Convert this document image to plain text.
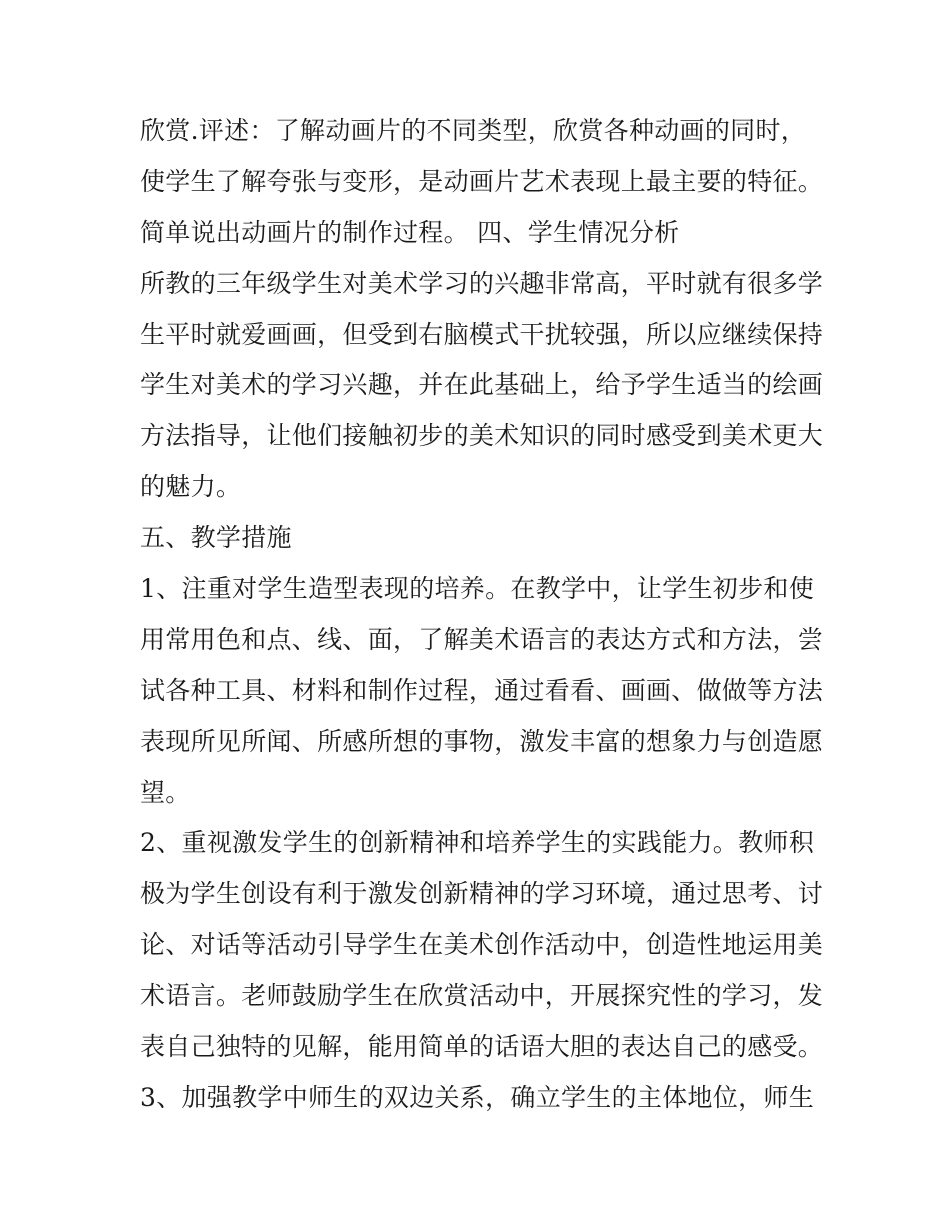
欣赏.评述：了解动画片的不同类型，欣赏各种动画的同时，
使学生了解夸张与变形，是动画片艺术表现上最主要的特征。
简单说出动画片的制作过程。 四、学生情况分析
所教的三年级学生对美术学习的兴趣非常高，平时就有很多学
生平时就爱画画，但受到右脑模式干扰较强，所以应继续保持
学生对美术的学习兴趣，并在此基础上，给予学生适当的绘画
方法指导，让他们接触初步的美术知识的同时感受到美术更大
的魅力。
五、教学措施
1、注重对学生造型表现的培养。在教学中，让学生初步和使
用常用色和点、线、面，了解美术语言的表达方式和方法，尝
试各种工具、材料和制作过程，通过看看、画画、做做等方法
表现所见所闻、所感所想的事物，激发丰富的想象力与创造愿
望。
2、重视激发学生的创新精神和培养学生的实践能力。教师积
极为学生创设有利于激发创新精神的学习环境，通过思考、讨
论、对话等活动引导学生在美术创作活动中，创造性地运用美
术语言。老师鼓励学生在欣赏活动中，开展探究性的学习，发
表自己独特的见解，能用简单的话语大胆的表达自己的感受。
3、加强教学中师生的双边关系，确立学生的主体地位，师生
